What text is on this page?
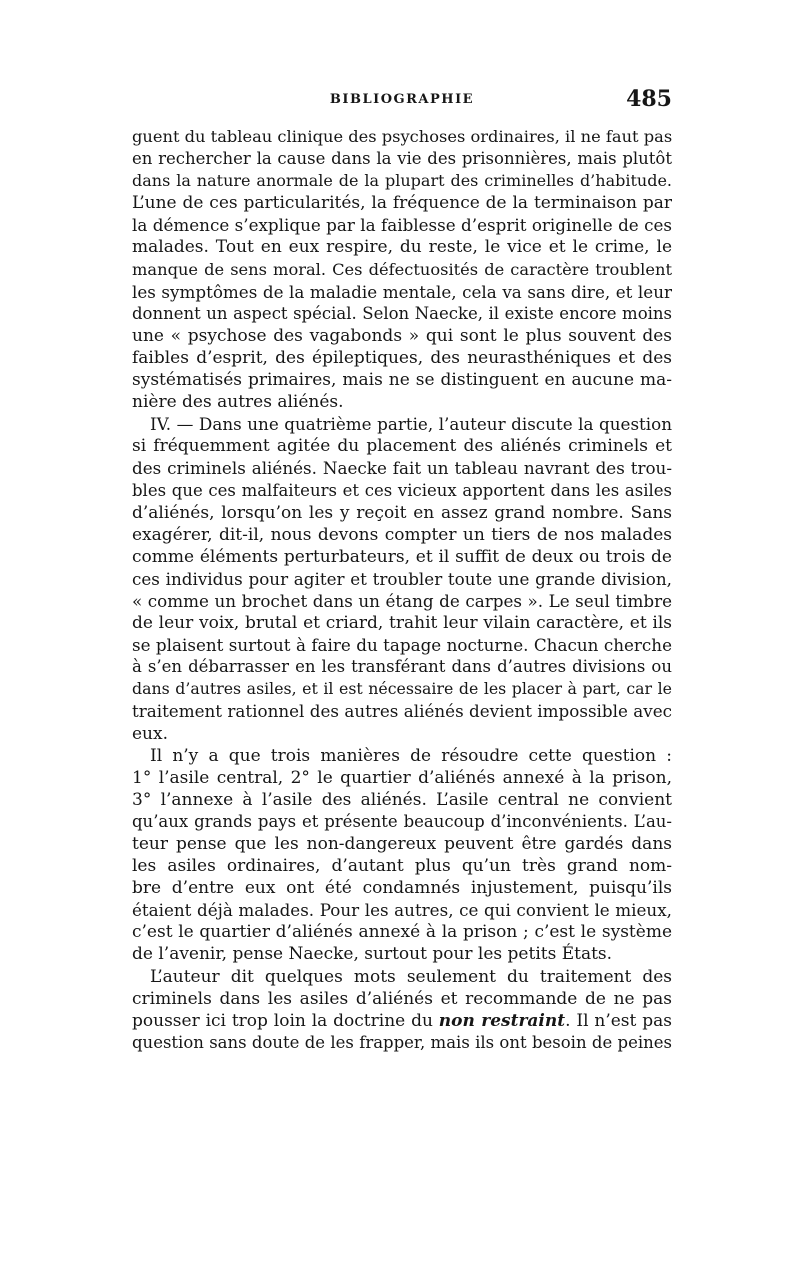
BIBLIOGRAPHIE	485
guent du tableau clinique des psychoses ordinaires, il ne faut pas
en rechercher la cause dans la vie des prisonnières, mais plutôt
dans la nature anormale de la plupart des criminelles d’habitude.
L’une de ces particularités, la fréquence de la terminaison par
la démence s’explique par la faiblesse d’esprit originelle de ces
malades. Tout en eux respire, du reste, le vice et le crime, le
manque de sens moral. Ces défectuosités de caractère troublent
les symptômes de la maladie mentale, cela va sans dire, et leur
donnent un aspect spécial. Selon Naecke, il existe encore moins
une « psychose des vagabonds » qui sont le plus souvent des
faibles d’esprit, des épileptiques, des neurasthéniques et des
systématisés primaires, mais ne se distinguent en aucune ma-
nière des autres aliénés.
IV. — Dans une quatrième partie, l’auteur discute la question
si fréquemment agitée du placement des aliénés criminels et
des criminels aliénés. Naecke fait un tableau navrant des trou-
bles que ces malfaiteurs et ces vicieux apportent dans les asiles
d’aliénés, lorsqu’on les y reçoit en assez grand nombre. Sans
exagérer, dit-il, nous devons compter un tiers de nos malades
comme éléments perturbateurs, et il suffit de deux ou trois de
ces individus pour agiter et troubler toute une grande division,
« comme un brochet dans un étang de carpes ». Le seul timbre
de leur voix, brutal et criard, trahit leur vilain caractère, et ils
se plaisent surtout à faire du tapage nocturne. Chacun cherche
à s’en débarrasser en les transférant dans d’autres divisions ou
dans d’autres asiles, et il est nécessaire de les placer à part, car le
traitement rationnel des autres aliénés devient impossible avec
eux.
Il n’y a que trois manières de résoudre cette question :
1° l’asile central, 2° le quartier d’aliénés annexé à la prison,
3° l’annexe à l’asile des aliénés. L’asile central ne convient
qu’aux grands pays et présente beaucoup d’inconvénients. L’au-
teur pense que les non-dangereux peuvent être gardés dans
les asiles ordinaires, d’autant plus qu’un très grand nom-
bre d’entre eux ont été condamnés injustement, puisqu’ils
étaient déjà malades. Pour les autres, ce qui convient le mieux,
c’est le quartier d’aliénés annexé à la prison ; c’est le système
de l’avenir, pense Naecke, surtout pour les petits États.
L’auteur dit quelques mots seulement du traitement des
criminels dans les asiles d’aliénés et recommande de ne pas
pousser ici trop loin la doctrine du non restraint. Il n’est pas
question sans doute de les frapper, mais ils ont besoin de peines
